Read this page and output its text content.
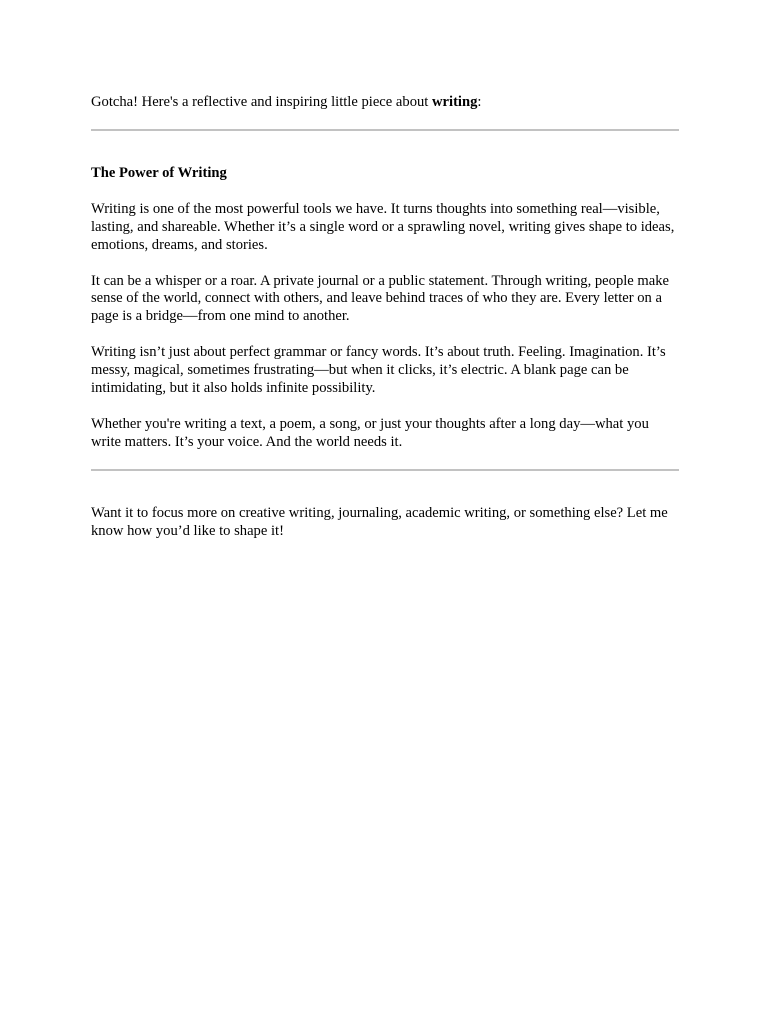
Gotcha! Here's a reflective and inspiring little piece about writing:

The Power of Writing

Writing is one of the most powerful tools we have. It turns thoughts into something real—visible, lasting, and shareable. Whether it’s a single word or a sprawling novel, writing gives shape to ideas, emotions, dreams, and stories.

It can be a whisper or a roar. A private journal or a public statement. Through writing, people make sense of the world, connect with others, and leave behind traces of who they are. Every letter on a page is a bridge—from one mind to another.

Writing isn’t just about perfect grammar or fancy words. It’s about truth. Feeling. Imagination. It’s messy, magical, sometimes frustrating—but when it clicks, it’s electric. A blank page can be intimidating, but it also holds infinite possibility.

Whether you're writing a text, a poem, a song, or just your thoughts after a long day—what you write matters. It’s your voice. And the world needs it.

Want it to focus more on creative writing, journaling, academic writing, or something else? Let me know how you’d like to shape it!
